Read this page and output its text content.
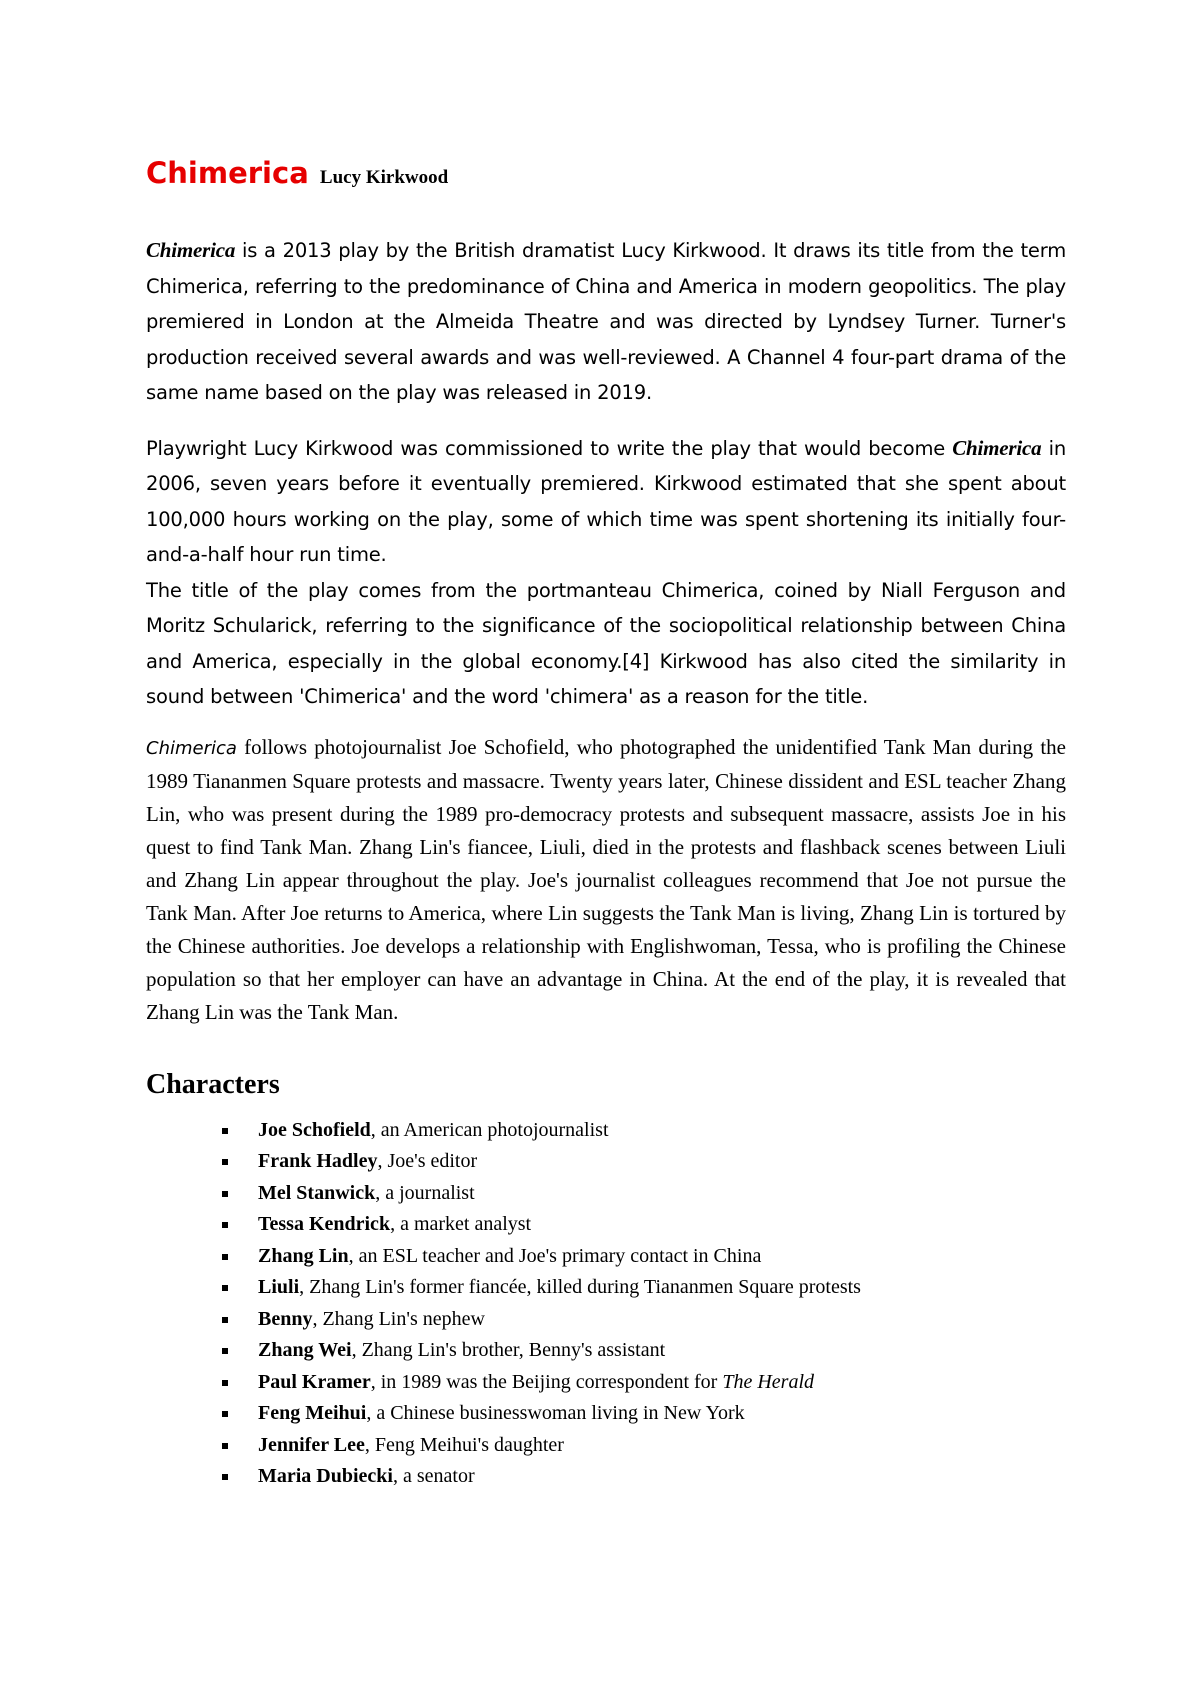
Chimerica Lucy Kirkwood

Chimerica is a 2013 play by the British dramatist Lucy Kirkwood. It draws its title from the term Chimerica, referring to the predominance of China and America in modern geopolitics. The play premiered in London at the Almeida Theatre and was directed by Lyndsey Turner. Turner's production received several awards and was well-reviewed. A Channel 4 four-part drama of the same name based on the play was released in 2019.

Playwright Lucy Kirkwood was commissioned to write the play that would become Chimerica in 2006, seven years before it eventually premiered. Kirkwood estimated that she spent about 100,000 hours working on the play, some of which time was spent shortening its initially four-and-a-half hour run time.

The title of the play comes from the portmanteau Chimerica, coined by Niall Ferguson and Moritz Schularick, referring to the significance of the sociopolitical relationship between China and America, especially in the global economy.[4] Kirkwood has also cited the similarity in sound between 'Chimerica' and the word 'chimera' as a reason for the title.

Chimerica follows photojournalist Joe Schofield, who photographed the unidentified Tank Man during the 1989 Tiananmen Square protests and massacre. Twenty years later, Chinese dissident and ESL teacher Zhang Lin, who was present during the 1989 pro-democracy protests and subsequent massacre, assists Joe in his quest to find Tank Man. Zhang Lin's fiancee, Liuli, died in the protests and flashback scenes between Liuli and Zhang Lin appear throughout the play. Joe's journalist colleagues recommend that Joe not pursue the Tank Man. After Joe returns to America, where Lin suggests the Tank Man is living, Zhang Lin is tortured by the Chinese authorities. Joe develops a relationship with Englishwoman, Tessa, who is profiling the Chinese population so that her employer can have an advantage in China. At the end of the play, it is revealed that Zhang Lin was the Tank Man.

Characters
Joe Schofield, an American photojournalist
Frank Hadley, Joe's editor
Mel Stanwick, a journalist
Tessa Kendrick, a market analyst
Zhang Lin, an ESL teacher and Joe's primary contact in China
Liuli, Zhang Lin's former fiancée, killed during Tiananmen Square protests
Benny, Zhang Lin's nephew
Zhang Wei, Zhang Lin's brother, Benny's assistant
Paul Kramer, in 1989 was the Beijing correspondent for The Herald
Feng Meihui, a Chinese businesswoman living in New York
Jennifer Lee, Feng Meihui's daughter
Maria Dubiecki, a senator
